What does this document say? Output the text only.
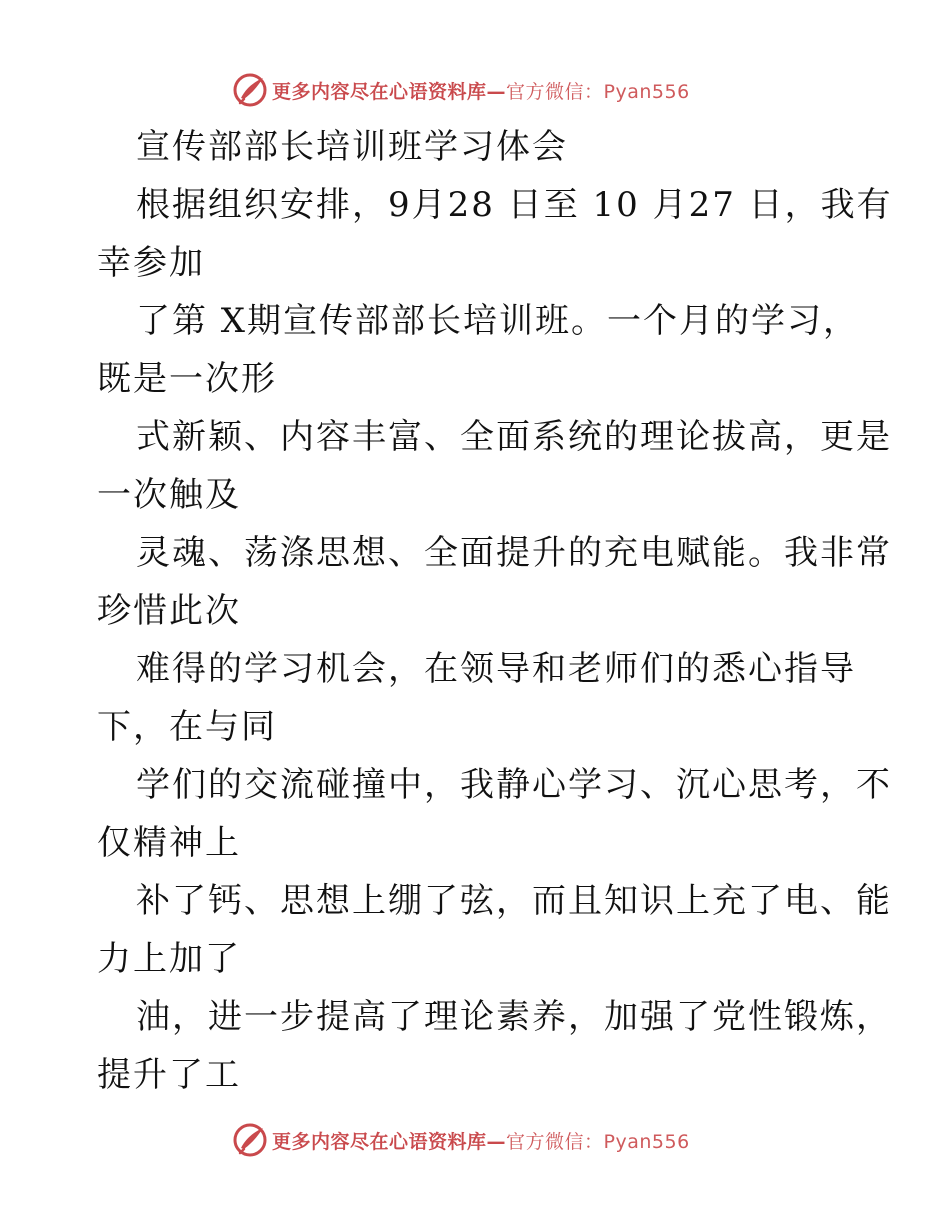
更多内容尽在心语资料库—官方微信：Pyan556
宣传部部长培训班学习体会
根据组织安排，9月28 日至 10 月27 日，我有
幸参加
了第 X期宣传部部长培训班。一个月的学习，
既是一次形
式新颖、内容丰富、全面系统的理论拔高，更是
一次触及
灵魂、荡涤思想、全面提升的充电赋能。我非常
珍惜此次
难得的学习机会，在领导和老师们的悉心指导
下，在与同
学们的交流碰撞中，我静心学习、沉心思考，不
仅精神上
补了钙、思想上绷了弦，而且知识上充了电、能
力上加了
油，进一步提高了理论素养，加强了党性锻炼，
提升了工
更多内容尽在心语资料库—官方微信：Pyan556
